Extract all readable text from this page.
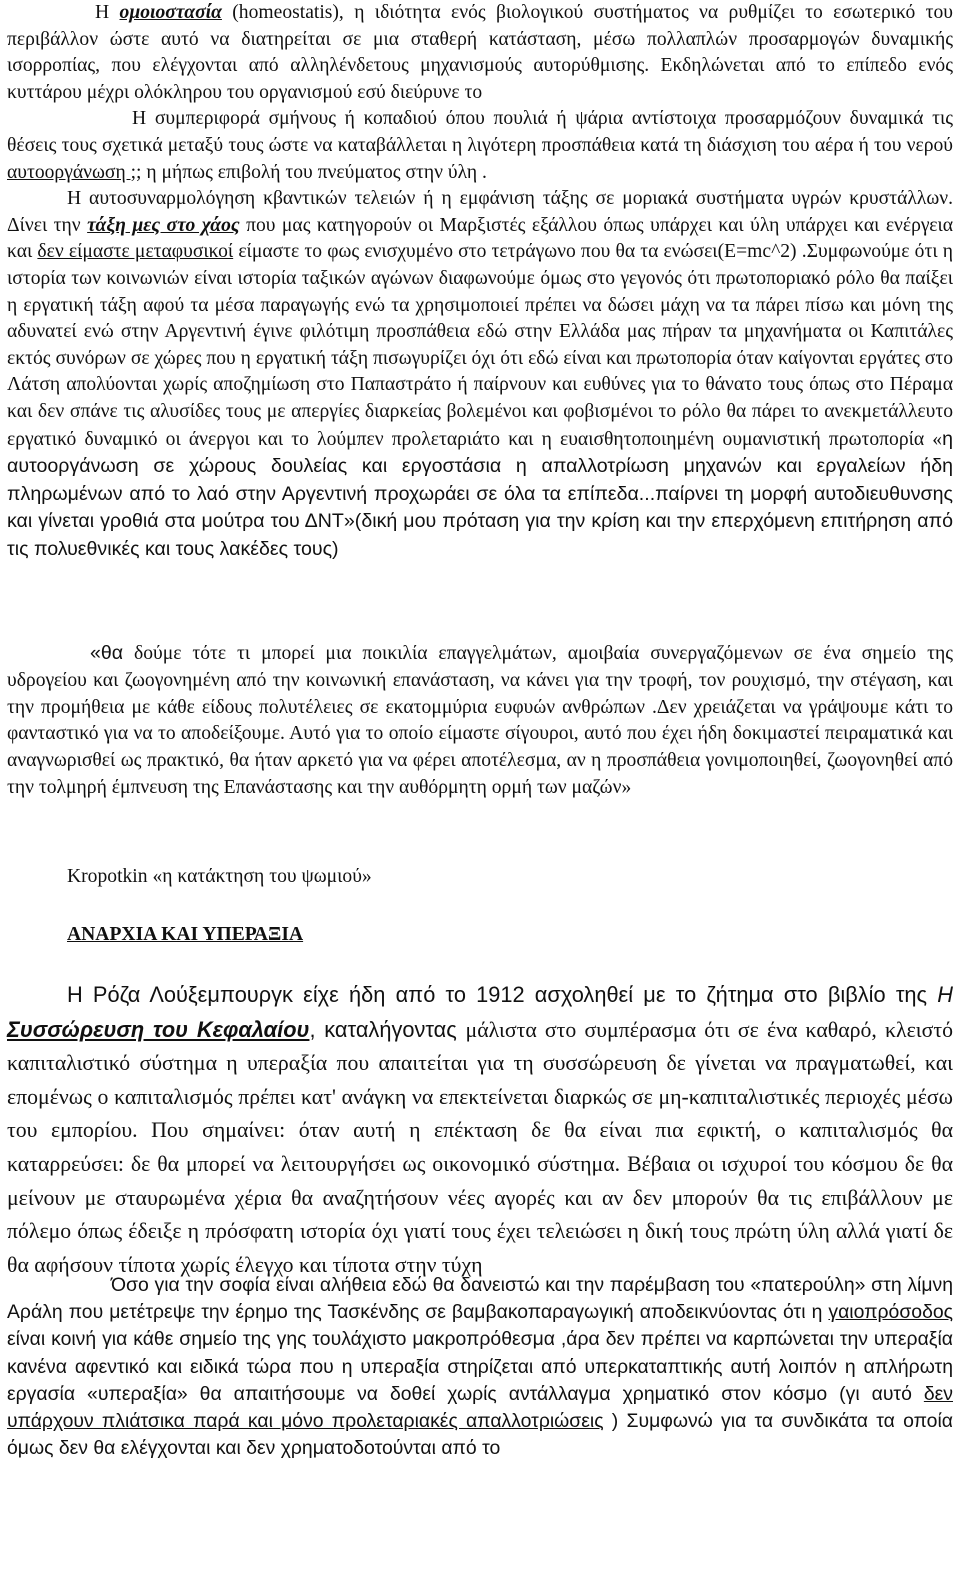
Η ομοιοστασία (homeostatis), η ιδιότητα ενός βιολογικού συστήματος να ρυθμίζει το εσωτερικό του περιβάλλον ώστε αυτό να διατηρείται σε μια σταθερή κατάσταση, μέσω πολλαπλών προσαρμογών δυναμικής ισορροπίας, που ελέγχονται από αλληλένδετους μηχανισμούς αυτορύθμισης. Εκδηλώνεται από το επίπεδο ενός κυττάρου μέχρι ολόκληρου του οργανισμού εσύ διεύρυνε το
Η συμπεριφορά σμήνους ή κοπαδιού όπου πουλιά ή ψάρια αντίστοιχα προσαρμόζουν δυναμικά τις θέσεις τους σχετικά μεταξύ τους ώστε να καταβάλλεται η λιγότερη προσπάθεια κατά τη διάσχιση του αέρα ή του νερού αυτοοργάνωση ;; η μήπως επιβολή του πνεύματος στην ύλη .
Η αυτοσυναρμολόγηση κβαντικών τελειών ή η εμφάνιση τάξης σε μοριακά συστήματα υγρών κρυστάλλων. Δίνει την τάξη μες στο χάος που μας κατηγορούν οι Μαρξιστές εξάλλου όπως υπάρχει και ύλη υπάρχει και ενέργεια και δεν είμαστε μεταφυσικοί είμαστε το φως ενισχυμένο στο τετράγωνο που θα τα ενώσει(E=mc^2) .Συμφωνούμε ότι η ιστορία των κοινωνιών είναι ιστορία ταξικών αγώνων διαφωνούμε όμως στο γεγονός ότι πρωτοποριακό ρόλο θα παίξει η εργατική τάξη αφού τα μέσα παραγωγής ενώ τα χρησιμοποιεί πρέπει να δώσει μάχη να τα πάρει πίσω και μόνη της αδυνατεί ενώ στην Αργεντινή έγινε φιλότιμη προσπάθεια εδώ στην Ελλάδα μας πήραν τα μηχανήματα οι Καπιτάλες εκτός συνόρων σε χώρες που η εργατική τάξη πισωγυρίζει όχι ότι εδώ είναι και πρωτοπορία όταν καίγονται εργάτες στο Λάτση απολύονται χωρίς αποζημίωση στο Παπαστράτο ή παίρνουν και ευθύνες για το θάνατο τους όπως στο Πέραμα και δεν σπάνε τις αλυσίδες τους με απεργίες διαρκείας βολεμένοι και φοβισμένοι το ρόλο θα πάρει το ανεκμετάλλευτο εργατικό δυναμικό οι άνεργοι και το λούμπεν προλεταριάτο και η ευαισθητοποιημένη ουμανιστική πρωτοπορία «η αυτοοργάνωση σε χώρους δουλείας και εργοστάσια η απαλλοτρίωση μηχανών και εργαλείων ήδη πληρωμένων από το λαό στην Αργεντινή προχωράει σε όλα τα επίπεδα...παίρνει τη μορφή αυτοδιευθυνσης και γίνεται γροθιά στα μούτρα του ΔΝΤ»(δική μου πρόταση για την κρίση και την επερχόμενη επιτήρηση από τις πολυεθνικές και τους λακέδες τους)

«θα δούμε τότε τι μπορεί μια ποικιλία επαγγελμάτων, αμοιβαία συνεργαζόμενων σε ένα σημείο της υδρογείου και ζωογονημένη από την κοινωνική επανάσταση, να κάνει για την τροφή, τον ρουχισμό, την στέγαση, και την προμήθεια με κάθε είδους πολυτέλειες σε εκατομμύρια ευφυών ανθρώπων .Δεν χρειάζεται να γράψουμε κάτι το φανταστικό για να το αποδείξουμε. Αυτό για το οποίο είμαστε σίγουροι, αυτό που έχει ήδη δοκιμαστεί πειραματικά και αναγνωρισθεί ως πρακτικό, θα ήταν αρκετό για να φέρει αποτέλεσμα, αν η προσπάθεια γονιμοποιηθεί, ζωογονηθεί από την τολμηρή έμπνευση της Επανάστασης και την αυθόρμητη ορμή των μαζών»

Kropotkin «η κατάκτηση του ψωμιού»

ΑΝΑΡΧΙΑ ΚΑΙ ΥΠΕΡΑΞΙΑ

Η Ρόζα Λούξεμπουργκ είχε ήδη από το 1912 ασχοληθεί με το ζήτημα στο βιβλίο της Η Συσσώρευση του Κεφαλαίου, καταλήγοντας μάλιστα στο συμπέρασμα ότι σε ένα καθαρό, κλειστό καπιταλιστικό σύστημα η υπεραξία που απαιτείται για τη συσσώρευση δε γίνεται να πραγματωθεί, και επομένως ο καπιταλισμός πρέπει κατ' ανάγκη να επεκτείνεται διαρκώς σε μη-καπιταλιστικές περιοχές μέσω του εμπορίου. Που σημαίνει: όταν αυτή η επέκταση δε θα είναι πια εφικτή, ο καπιταλισμός θα καταρρεύσει: δε θα μπορεί να λειτουργήσει ως οικονομικό σύστημα. Βέβαια οι ισχυροί του κόσμου δε θα μείνουν με σταυρωμένα χέρια θα αναζητήσουν νέες αγορές και αν δεν μπορούν θα τις επιβάλλουν με πόλεμο όπως έδειξε η πρόσφατη ιστορία όχι γιατί τους έχει τελειώσει η δική τους πρώτη ύλη αλλά γιατί δε θα αφήσουν τίποτα χωρίς έλεγχο και τίποτα στην τύχη

Όσο για την σοφία είναι αλήθεια εδώ θα δανειστώ και την παρέμβαση του «πατερούλη» στη λίμνη Αράλη που μετέτρεψε την έρημο της Τασκένδης σε βαμβακοπαραγωγική αποδεικνύοντας ότι η γαιοπρόσοδος είναι κοινή για κάθε σημείο της γης τουλάχιστο μακροπρόθεσμα ,άρα δεν πρέπει να καρπώνεται την υπεραξία κανένα αφεντικό και ειδικά τώρα που η υπεραξία στηρίζεται από υπερκαταπτικής αυτή λοιπόν η απλήρωτη εργασία «υπεραξία» θα απαιτήσουμε να δοθεί χωρίς αντάλλαγμα χρηματικό στον κόσμο (γι αυτό δεν υπάρχουν πλιάτσικα παρά και μόνο προλεταριακές απαλλοτριώσεις ) Συμφωνώ για τα συνδικάτα τα οποία όμως δεν θα ελέγχονται και δεν χρηματοδοτούνται από το
